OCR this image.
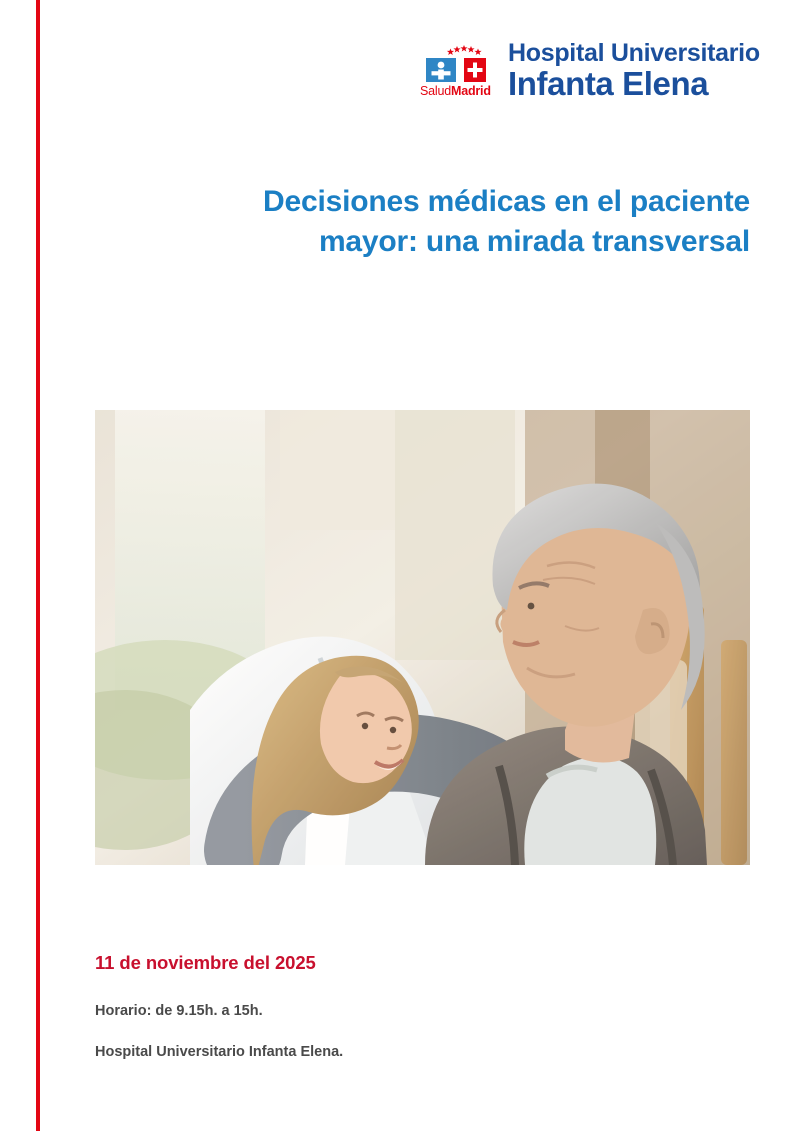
SaludMadrid
Hospital Universitario
Infanta Elena
Decisiones médicas en el paciente mayor: una mirada transversal
11 de noviembre del 2025
Horario: de 9.15h. a 15h.
Hospital Universitario Infanta Elena.
